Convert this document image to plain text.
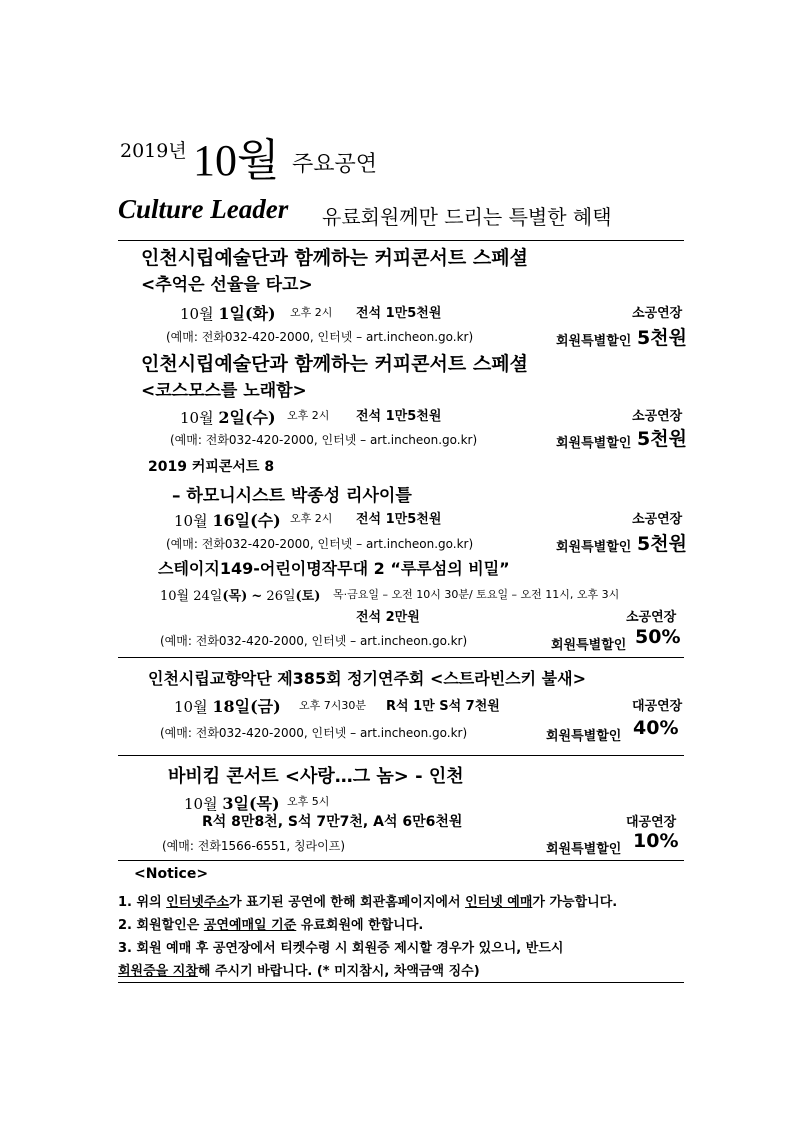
2019년 10월 주요공연
Culture Leader 유료회원께만 드리는 특별한 혜택
인천시립예술단과 함께하는 커피콘서트 스페셜
<추억은 선율을 타고>
10월 1일(화) 오후 2시 전석 1만5천원	소공연장
(예매: 전화032-420-2000, 인터넷 – art.incheon.go.kr)	회원특별할인 5천원
인천시립예술단과 함께하는 커피콘서트 스페셜
<코스모스를 노래함>
10월 2일(수) 오후 2시 전석 1만5천원	소공연장
(예매: 전화032-420-2000, 인터넷 – art.incheon.go.kr)	회원특별할인 5천원
2019 커피콘서트 8
– 하모니시스트 박종성 리사이틀
10월 16일(수) 오후 2시 전석 1만5천원	소공연장
(예매: 전화032-420-2000, 인터넷 – art.incheon.go.kr)	회원특별할인 5천원
스테이지149-어린이명작무대 2 “루루섬의 비밀”
10월 24일(목) ~ 26일(토) 목·금요일 – 오전 10시 30분/ 토요일 – 오전 11시, 오후 3시
전석 2만원	소공연장
(예매: 전화032-420-2000, 인터넷 – art.incheon.go.kr)	회원특별할인 50%
인천시립교향악단 제385회 정기연주회 <스트라빈스키 불새>
10월 18일(금) 오후 7시30분 R석 1만 S석 7천원	대공연장
(예매: 전화032-420-2000, 인터넷 – art.incheon.go.kr)	회원특별할인 40%
바비킴 콘서트 <사랑…그 놈> - 인천
10월 3일(목) 오후 5시
R석 8만8천, S석 7만7천, A석 6만6천원	대공연장
(예매: 전화1566-6551, 칭라이프)	회원특별할인 10%
<Notice>
1. 위의 인터넷주소가 표기된 공연에 한해 회관홈페이지에서 인터넷 예매가 가능합니다.
2. 회원할인은 공연예매일 기준 유료회원에 한합니다.
3. 회원 예매 후 공연장에서 티켓수령 시 회원증 제시할 경우가 있으니, 반드시
회원증을 지참해 주시기 바랍니다. (* 미지참시, 차액금액 징수)
